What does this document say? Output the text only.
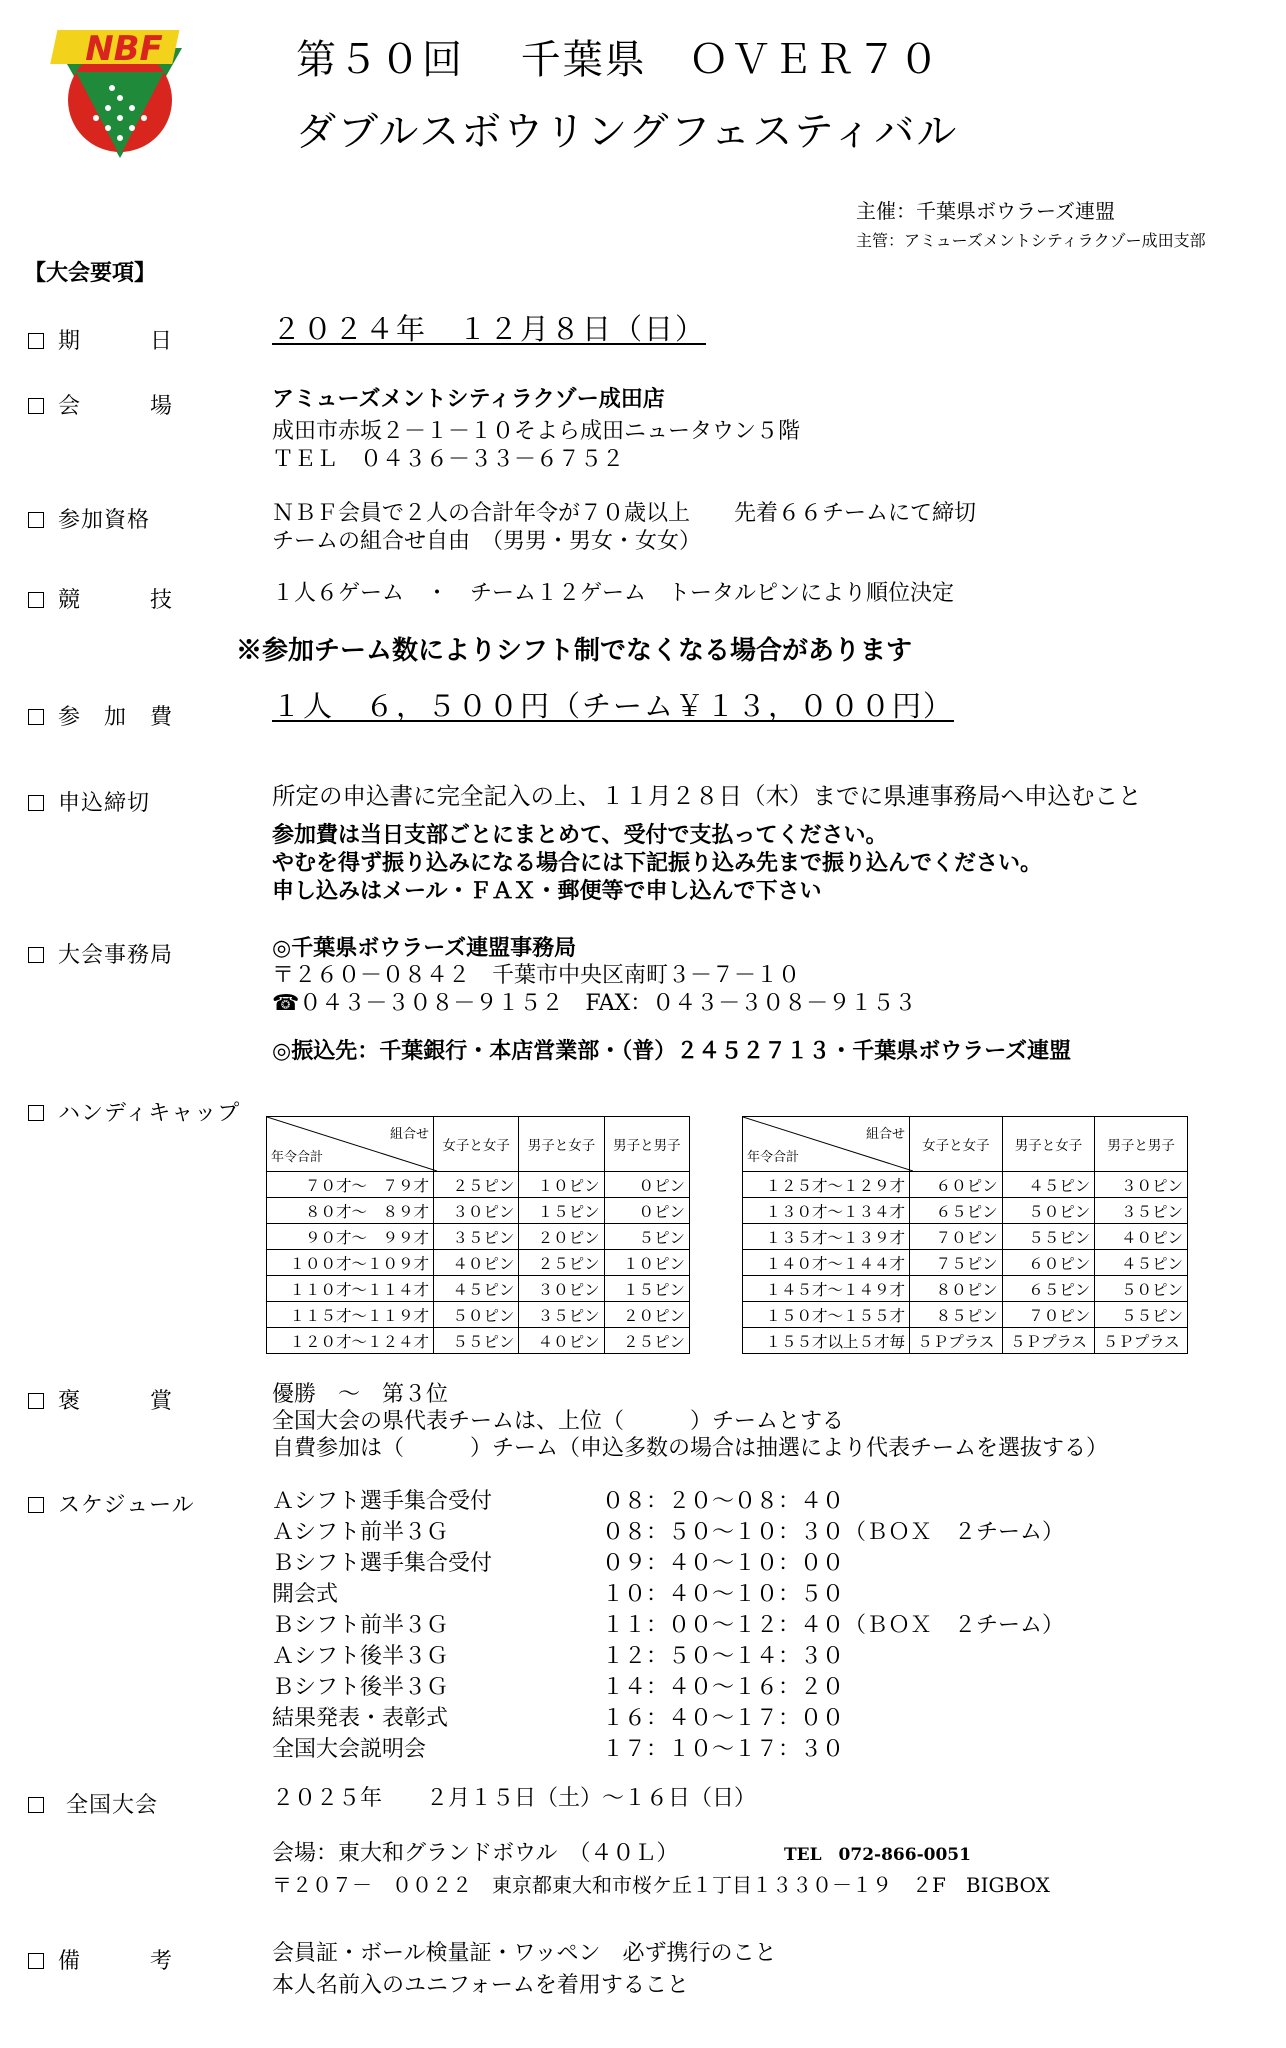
NBF	第５０回　 千葉県　ＯＶＥＲ７０
ダブルスボウリングフェスティバル
主催：千葉県ボウラーズ連盟
主管：アミューズメントシティラクゾー成田支部
【大会要項】
期　　　日	２０２４年　１２月８日（日）
会　　　場	アミューズメントシティラクゾー成田店
成田市赤坂２－１－１０そよら成田ニュータウン５階
ＴＥＬ　０４３６－３３－６７５２
参加資格	ＮＢＦ会員で２人の合計年令が７０歳以上　　先着６６チームにて締切
チームの組合せ自由　（男男・男女・女女）
競　　　技	１人６ゲーム　・　チーム１２ゲーム　トータルピンにより順位決定
※参加チーム数によりシフト制でなくなる場合があります
参　加　費	１人　６，５００円（チーム￥１３，０００円）
申込締切	所定の申込書に完全記入の上、１１月２８日（木）までに県連事務局へ申込むこと
参加費は当日支部ごとにまとめて、受付で支払ってください。
やむを得ず振り込みになる場合には下記振り込み先まで振り込んでください。
申し込みはメール・ＦＡＸ・郵便等で申し込んで下さい
大会事務局	◎千葉県ボウラーズ連盟事務局
〒２６０－０８４２　千葉市中央区南町３－７－１０
☎０４３－３０８－９１５２　FAX：０４３－３０８－９１５３
◎振込先：千葉銀行・本店営業部・（普）２４５２７１３・千葉県ボウラーズ連盟
ハンディキャップ
組合せ
年令合計	女子と女子	男子と女子	男子と男子
７０才～　７９才	２５ピン	１０ピン	０ピン
８０才～　８９才	３０ピン	１５ピン	０ピン
９０才～　９９才	３５ピン	２０ピン	５ピン
１００才～１０９才	４０ピン	２５ピン	１０ピン
１１０才～１１４才	４５ピン	３０ピン	１５ピン
１１５才～１１９才	５０ピン	３５ピン	２０ピン
１２０才～１２４才	５５ピン	４０ピン	２５ピン
組合せ
年令合計	女子と女子	男子と女子	男子と男子
１２５才～１２９才	６０ピン	４５ピン	３０ピン
１３０才～１３４才	６５ピン	５０ピン	３５ピン
１３５才～１３９才	７０ピン	５５ピン	４０ピン
１４０才～１４４才	７５ピン	６０ピン	４５ピン
１４５才～１４９才	８０ピン	６５ピン	５０ピン
１５０才～１５５才	８５ピン	７０ピン	５５ピン
１５５才以上５才毎	５Ｐプラス	５Ｐプラス	５Ｐプラス
褒　　　賞	優勝　～　第３位
全国大会の県代表チームは、上位（　　　）チームとする
自費参加は（　　　）チーム（申込多数の場合は抽選により代表チームを選抜する）
スケジュール	Ａシフト選手集合受付	０８：２０～０８：４０
Ａシフト前半３Ｇ	０８：５０～１０：３０（ＢＯＸ　２チーム）
Ｂシフト選手集合受付	０９：４０～１０：００
開会式	１０：４０～１０：５０
Ｂシフト前半３Ｇ	１１：００～１２：４０（ＢＯＸ　２チーム）
Ａシフト後半３Ｇ	１２：５０～１４：３０
Ｂシフト後半３Ｇ	１４：４０～１６：２０
結果発表・表彰式	１６：４０～１７：００
全国大会説明会	１７：１０～１７：３０
全国大会	２０２５年　　２月１５日（土）～１６日（日）
会場：東大和グランドボウル　（４０Ｌ）	TEL　072-866-0051
〒２０７－　００２２　東京都東大和市桜ケ丘１丁目１３３０－１９　２F　BIGBOX
備　　　考	会員証・ボール検量証・ワッペン　必ず携行のこと
本人名前入のユニフォームを着用すること
